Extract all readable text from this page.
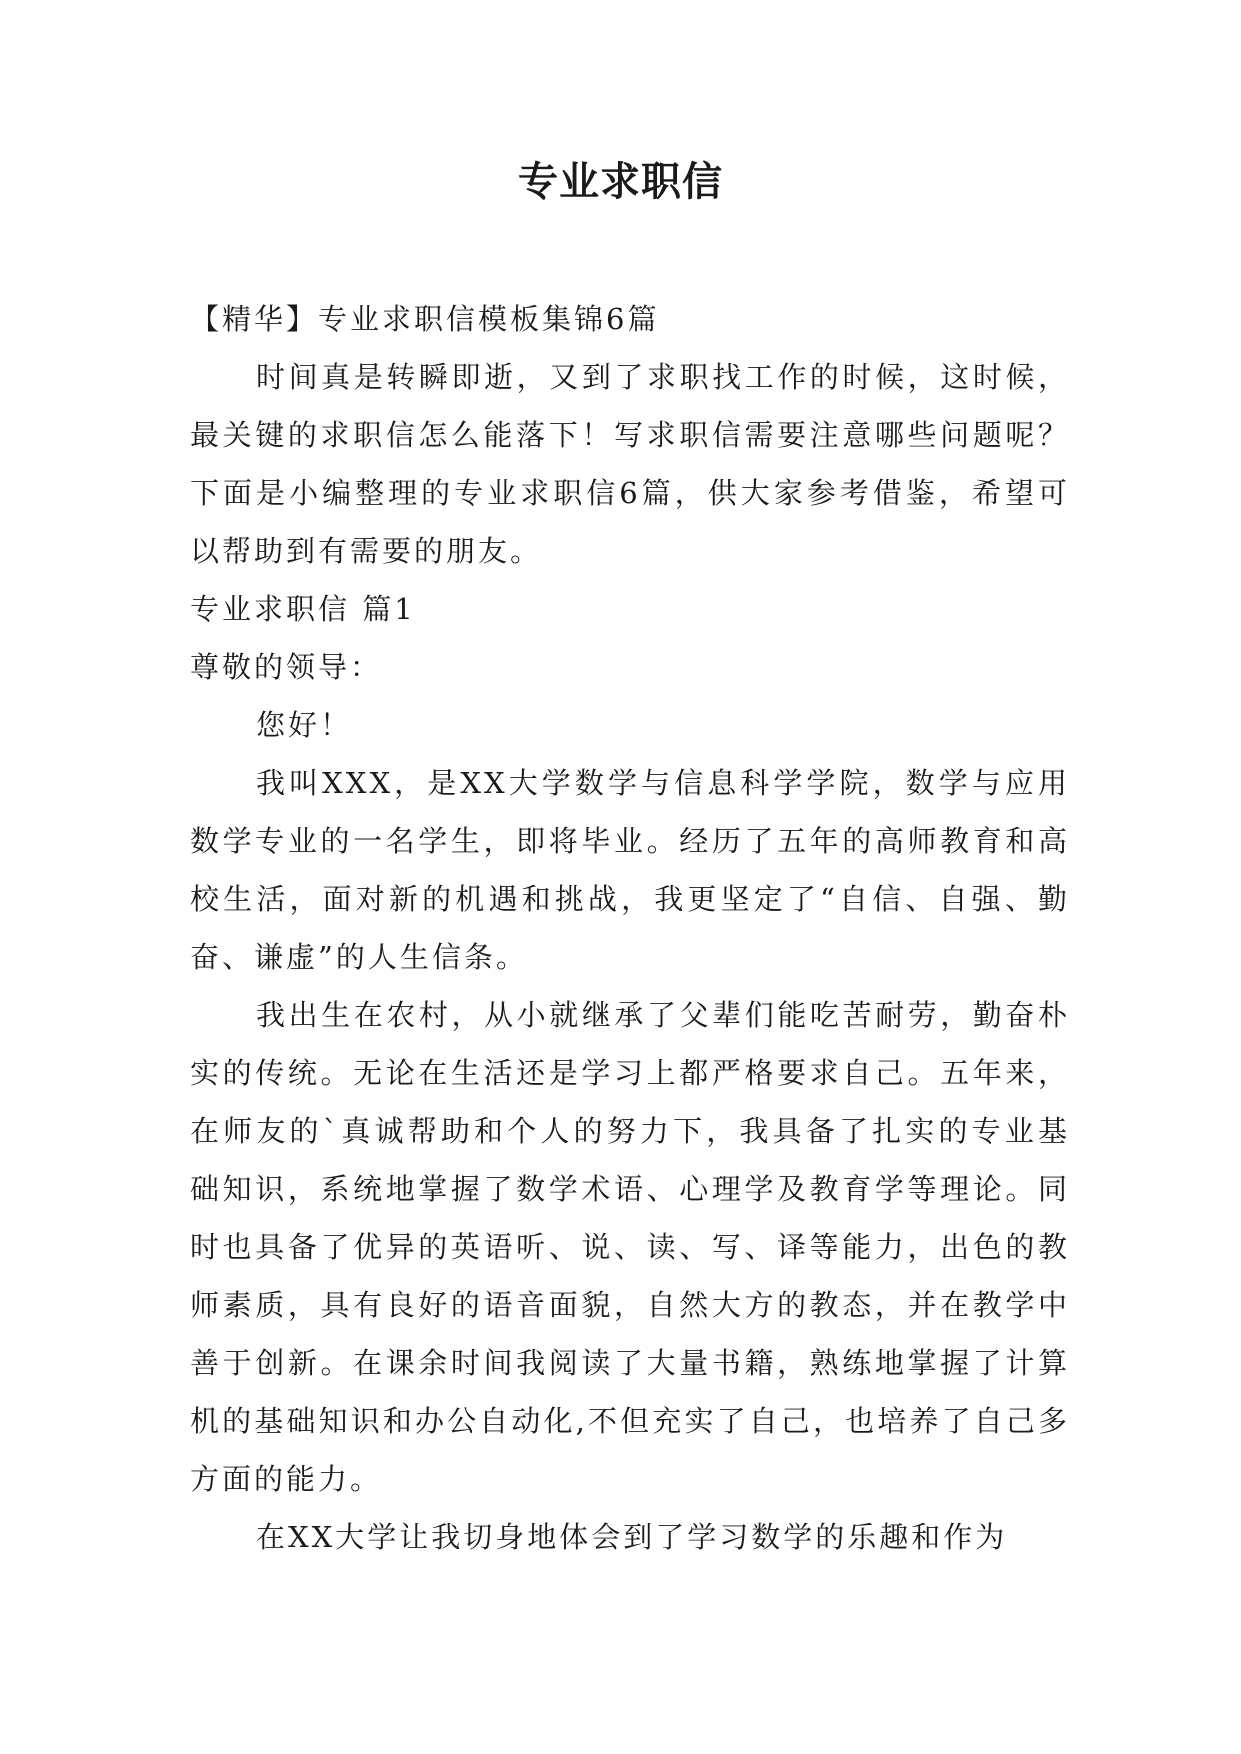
专业求职信

【精华】专业求职信模板集锦6篇

时间真是转瞬即逝，又到了求职找工作的时候，这时候，最关键的求职信怎么能落下！写求职信需要注意哪些问题呢？下面是小编整理的专业求职信6篇，供大家参考借鉴，希望可以帮助到有需要的朋友。

专业求职信 篇1

尊敬的领导：

您好！

我叫XXX，是XX大学数学与信息科学学院，数学与应用数学专业的一名学生，即将毕业。经历了五年的高师教育和高校生活，面对新的机遇和挑战，我更坚定了“自信、自强、勤奋、谦虚”的人生信条。

我出生在农村，从小就继承了父辈们能吃苦耐劳，勤奋朴实的传统。无论在生活还是学习上都严格要求自己。五年来，在师友的`真诚帮助和个人的努力下，我具备了扎实的专业基础知识，系统地掌握了数学术语、心理学及教育学等理论。同时也具备了优异的英语听、说、读、写、译等能力，出色的教师素质，具有良好的语音面貌，自然大方的教态，并在教学中善于创新。在课余时间我阅读了大量书籍，熟练地掌握了计算机的基础知识和办公自动化,不但充实了自己，也培养了自己多方面的能力。

在XX大学让我切身地体会到了学习数学的乐趣和作为
